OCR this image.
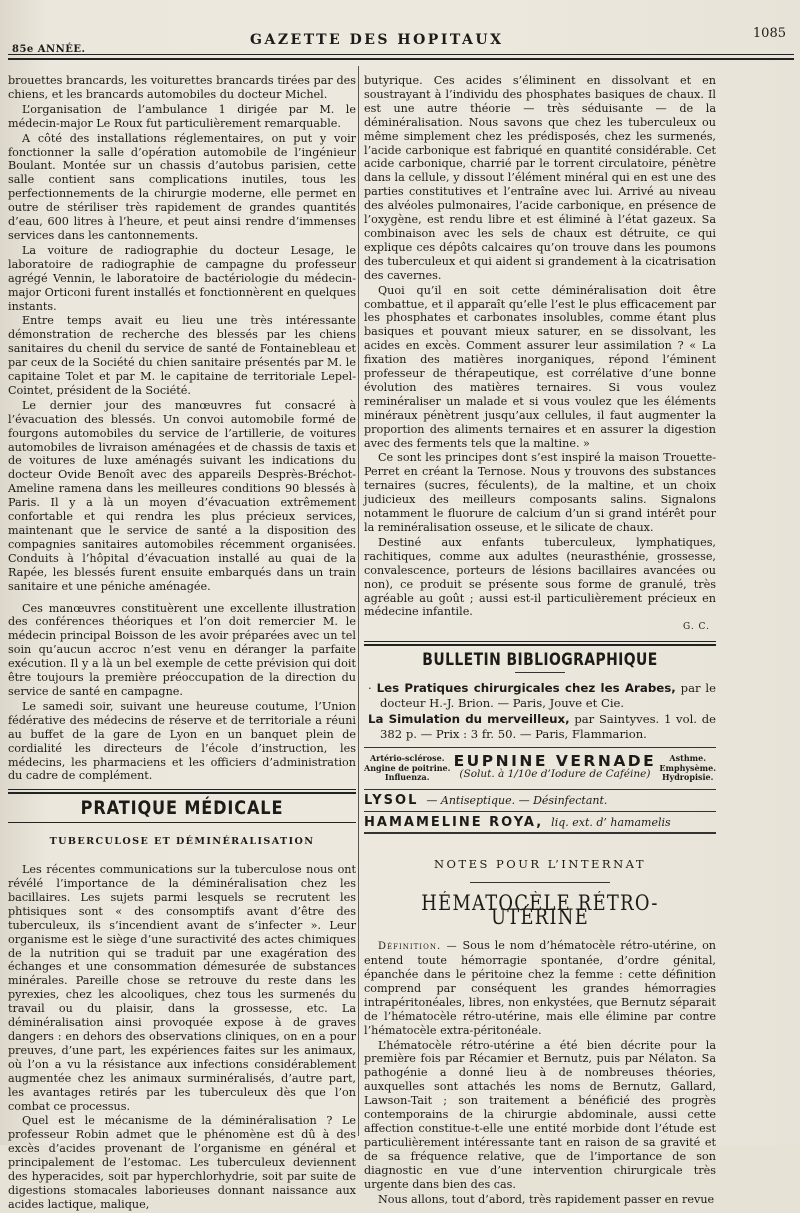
85e ANNÉE.
GAZETTE DES HOPITAUX	1085

brouettes brancards, les voiturettes brancards tirées par des chiens, et les brancards automobiles du docteur Michel.

L’organisation de l’ambulance 1 dirigée par M. le médecin-major Le Roux fut particulièrement remarquable.

A côté des installations réglementaires, on put y voir fonctionner la salle d’opération automobile de l’ingénieur Boulant. Montée sur un chassis d’autobus parisien, cette salle contient sans complications inutiles, tous les perfectionnements de la chirurgie moderne, elle permet en outre de stériliser très rapidement de grandes quantités d’eau, 600 litres à l’heure, et peut ainsi rendre d’immenses services dans les cantonnements.

La voiture de radiographie du docteur Lesage, le laboratoire de radiographie de campagne du professeur agrégé Vennin, le laboratoire de bactériologie du médecin-major Orticoni furent installés et fonctionnèrent en quelques instants.

Entre temps avait eu lieu une très intéressante démonstration de recherche des blessés par les chiens sanitaires du chenil du service de santé de Fontainebleau et par ceux de la Société du chien sanitaire présentés par M. le capitaine Tolet et par M. le capitaine de territoriale Lepel-Cointet, président de la Société.

Le dernier jour des manœuvres fut consacré à l’évacuation des blessés. Un convoi automobile formé de fourgons automobiles du service de l’artillerie, de voitures automobiles de livraison aménagées et de chassis de taxis et de voitures de luxe aménagés suivant les indications du docteur Ovide Benoît avec des appareils Desprès-Bréchot-Ameline ramena dans les meilleures conditions 90 blessés à Paris. Il y a là un moyen d’évacuation extrêmement confortable et qui rendra les plus précieux services, maintenant que le service de santé a la disposition des compagnies sanitaires automobiles récemment organisées. Conduits à l’hôpital d’évacuation installé au quai de la Rapée, les blessés furent ensuite embarqués dans un train sanitaire et une péniche aménagée.

Ces manœuvres constituèrent une excellente illustration des conférences théoriques et l’on doit remercier M. le médecin principal Boisson de les avoir préparées avec un tel soin qu’aucun accroc n’est venu en déranger la parfaite exécution. Il y a là un bel exemple de cette prévision qui doit être toujours la première préoccupation de la direction du service de santé en campagne.

Le samedi soir, suivant une heureuse coutume, l’Union fédérative des médecins de réserve et de territoriale a réuni au buffet de la gare de Lyon en un banquet plein de cordialité les directeurs de l’école d’instruction, les médecins, les pharmaciens et les officiers d’administration du cadre de complément.

PRATIQUE MÉDICALE
TUBERCULOSE ET DÉMINÉRALISATION

Les récentes communications sur la tuberculose nous ont révélé l’importance de la déminéralisation chez les bacillaires. Les sujets parmi lesquels se recrutent les phtisiques sont « des consomptifs avant d’être des tuberculeux, ils s’incendient avant de s’infecter ». Leur organisme est le siège d’une suractivité des actes chimiques de la nutrition qui se traduit par une exagération des échanges et une consommation démesurée de substances minérales. Pareille chose se retrouve du reste dans les pyrexies, chez les alcooliques, chez tous les surmenés du travail ou du plaisir, dans la grossesse, etc. La déminéralisation ainsi provoquée expose à de graves dangers : en dehors des observations cliniques, on en a pour preuves, d’une part, les expériences faites sur les animaux, où l’on a vu la résistance aux infections considérablement augmentée chez les animaux surminéralisés, d’autre part, les avantages retirés par les tuberculeux dès que l’on combat ce processus.

Quel est le mécanisme de la déminéralisation ? Le professeur Robin admet que le phénomène est dû à des excès d’acides provenant de l’organisme en général et principalement de l’estomac. Les tuberculeux deviennent des hyperacides, soit par hyperchlorhydrie, soit par suite de digestions stomacales laborieuses donnant naissance aux acides lactique, malique,

butyrique. Ces acides s’éliminent en dissolvant et en soustrayant à l’individu des phosphates basiques de chaux. Il est une autre théorie — très séduisante — de la déminéralisation. Nous savons que chez les tuberculeux ou même simplement chez les prédisposés, chez les surmenés, l’acide carbonique est fabriqué en quantité considérable. Cet acide carbonique, charrié par le torrent circulatoire, pénètre dans la cellule, y dissout l’élément minéral qui en est une des parties constitutives et l’entraîne avec lui. Arrivé au niveau des alvéoles pulmonaires, l’acide carbonique, en présence de l’oxygène, est rendu libre et est éliminé à l’état gazeux. Sa combinaison avec les sels de chaux est détruite, ce qui explique ces dépôts calcaires qu’on trouve dans les poumons des tuberculeux et qui aident si grandement à la cicatrisation des cavernes.

Quoi qu’il en soit cette déminéralisation doit être combattue, et il apparaît qu’elle l’est le plus efficacement par les phosphates et carbonates insolubles, comme étant plus basiques et pouvant mieux saturer, en se dissolvant, les acides en excès. Comment assurer leur assimilation ? « La fixation des matières inorganiques, répond l’éminent professeur de thérapeutique, est corrélative d’une bonne évolution des matières ternaires. Si vous voulez reminéraliser un malade et si vous voulez que les éléments minéraux pénètrent jusqu’aux cellules, il faut augmenter la proportion des aliments ternaires et en assurer la digestion avec des ferments tels que la maltine. »

Ce sont les principes dont s’est inspiré la maison Trouette-Perret en créant la Ternose. Nous y trouvons des substances ternaires (sucres, féculents), de la maltine, et un choix judicieux des meilleurs composants salins. Signalons notamment le fluorure de calcium d’un si grand intérêt pour la reminéralisation osseuse, et le silicate de chaux.

Destiné aux enfants tuberculeux, lymphatiques, rachitiques, comme aux adultes (neurasthénie, grossesse, convalescence, porteurs de lésions bacillaires avancées ou non), ce produit se présente sous forme de granulé, très agréable au goût ; aussi est-il particulièrement précieux en médecine infantile.

G. C.
BULLETIN BIBLIOGRAPHIQUE
· Les Pratiques chirurgicales chez les Arabes, par le docteur H.-J. Brion. — Paris, Jouve et Cie.
La Simulation du merveilleux, par Saintyves. 1 vol. de 382 p. — Prix : 3 fr. 50. — Paris, Flammarion.
Artério-sclérose.
Angine de poitrine.
Influenza.
EUPNINE VERNADE
(Solut. à 1/10e d’Iodure de Caféine)
Asthme.
Emphysème.
Hydropisie.
LYSOL — Antiseptique. — Désinfectant.
HAMAMELINE ROYA, liq. ext. d’ hamamelis
NOTES POUR L’INTERNAT
HÉMATOCÈLE RÉTRO-UTÉRINE

Définition. — Sous le nom d’hématocèle rétro-utérine, on entend toute hémorragie spontanée, d’ordre génital, épanchée dans le péritoine chez la femme : cette définition comprend par conséquent les grandes hémorragies intrapéritonéales, libres, non enkystées, que Bernutz séparait de l’hématocèle rétro-utérine, mais elle élimine par contre l’hématocèle extra-péritonéale.

L’hématocèle rétro-utérine a été bien décrite pour la première fois par Récamier et Bernutz, puis par Nélaton. Sa pathogénie a donné lieu à de nombreuses théories, auxquelles sont attachés les noms de Bernutz, Gallard, Lawson-Tait ; son traitement a bénéficié des progrès contemporains de la chirurgie abdominale, aussi cette affection constitue-t-elle une entité morbide dont l’étude est particulièrement intéressante tant en raison de sa gravité et de sa fréquence relative, que de l’importance de son diagnostic en vue d’une intervention chirurgicale très urgente dans bien des cas.

Nous allons, tout d’abord, très rapidement passer en revue
